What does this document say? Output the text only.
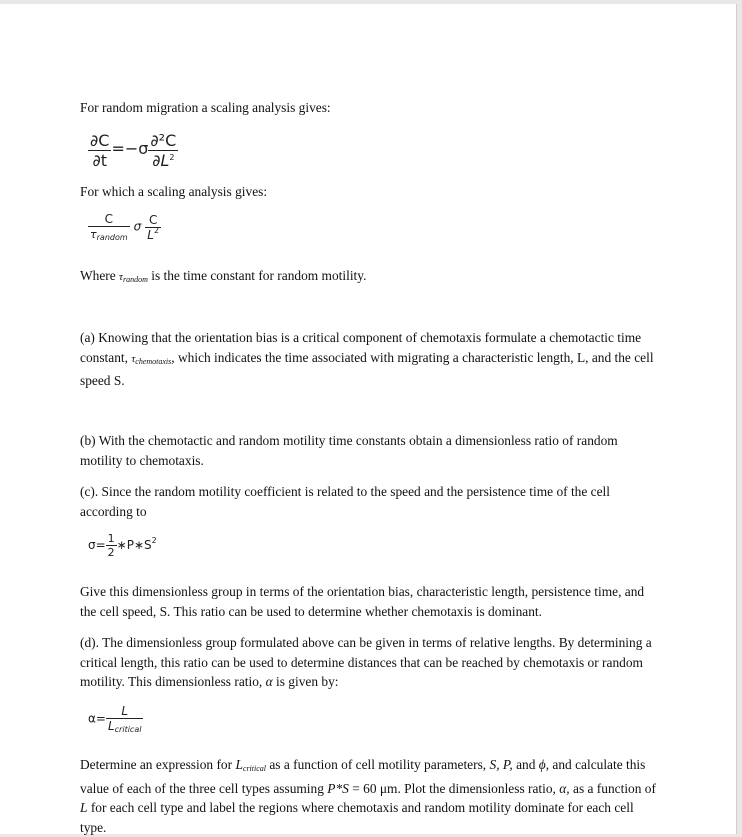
For random migration a scaling analysis gives:

$\frac{\partial C}{\partial t} =-\sigma \frac{\text{∂²C}}{\partial L^2}$

For which a scaling analysis gives:

$\frac{C}{\tau_{random}}$ σ $\frac{C}{L^2}$

Where $\tau_{random}$ is the time constant for random motility.

(a) Knowing that the orientation bias is a critical component of chemotaxis formulate a chemotactic time constant, $\tau_{chemotaxis}$, which indicates the time associated with migrating a characteristic length, L, and the cell speed S.

(b) With the chemotactic and random motility time constants obtain a dimensionless ratio of random motility to chemotaxis.

(c). Since the random motility coefficient is related to the speed and the persistence time of the cell according to

$\sigma= \frac{1}{2}$ $∗P∗S^2$

Give this dimensionless group in terms of the orientation bias, characteristic length, persistence time, and the cell speed, S. This ratio can be used to determine whether chemotaxis is dominant.

(d). The dimensionless group formulated above can be given in terms of relative lengths. By determining a critical length, this ratio can be used to determine distances that can be reached by chemotaxis or random motility. This dimensionless ratio, α is given by:

$\alpha= \frac{L}{L_{critical}}$

Determine an expression for $L_{critical}$ as a function of cell motility parameters, S, P, and ϕ, and calculate this value of each of the three cell types assuming P*S = 60 μm. Plot the dimensionless ratio, α, as a function of L for each cell type and label the regions where chemotaxis and random motility dominate for each cell type.
